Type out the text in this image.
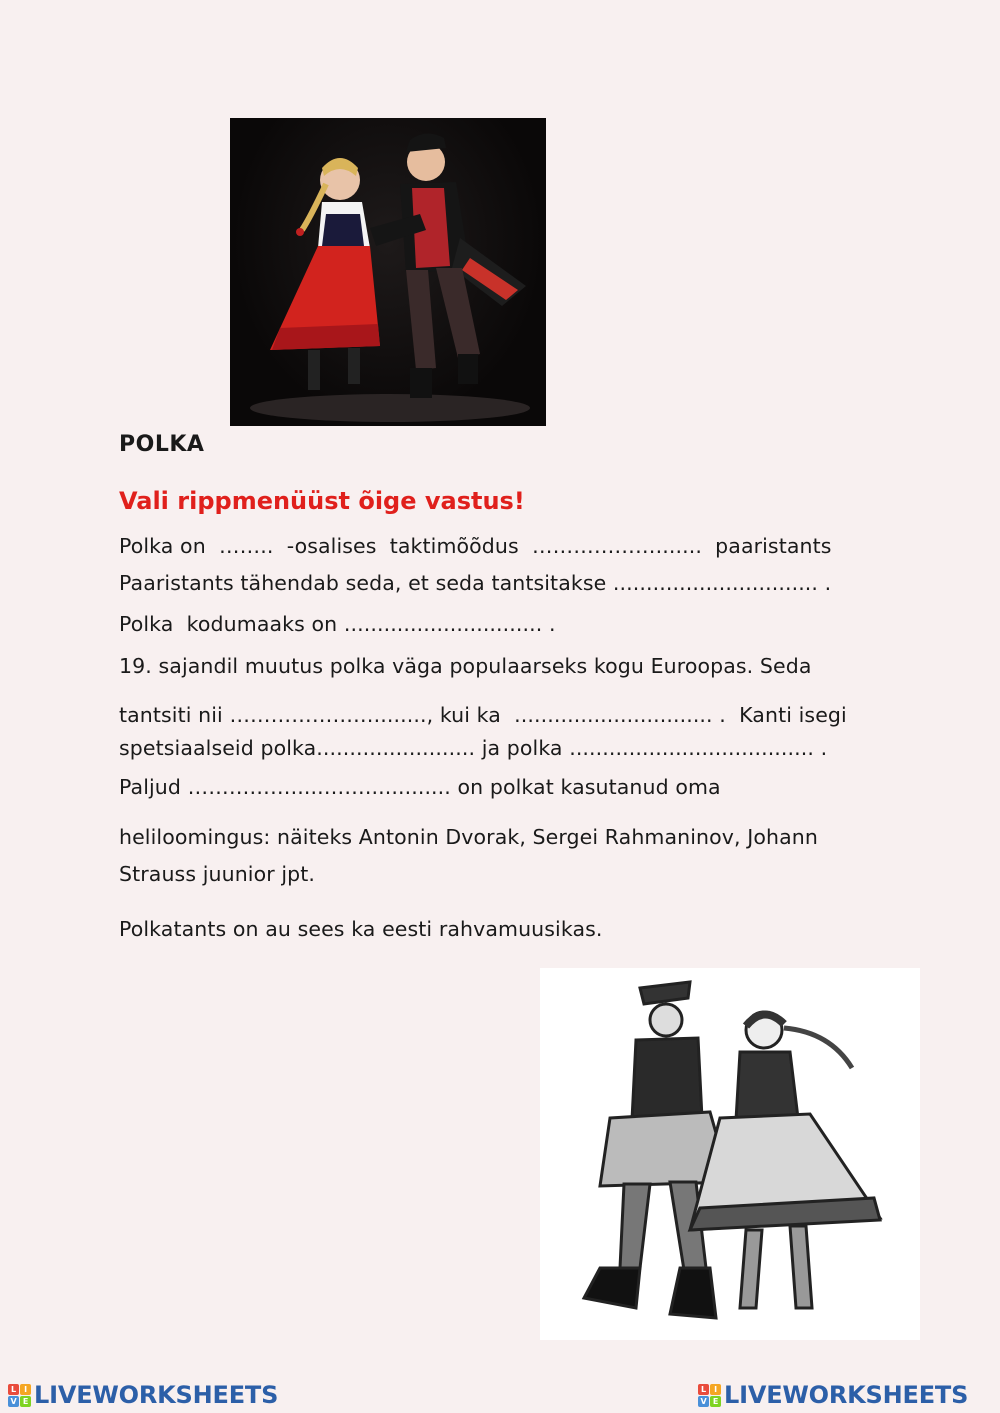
POLKA
Vali rippmenüüst õige vastus!
Polka on  ……..  -osalises  taktimõõdus  ……………….......  paaristants
Paaristants tähendab seda, et seda tantsitakse ............................... .
Polka  kodumaaks on .............................. .
19. sajandil muutus polka väga populaarseks kogu Euroopas. Seda
tantsiti nii …………………........, kui ka  .............................. .  Kanti isegi
spetsiaalseid polka........................ ja polka ..................................... .
Paljud …………….....……............. on polkat kasutanud oma
heliloomingus: näiteks Antonin Dvorak, Sergei Rahmaninov, Johann
Strauss juunior jpt.
Polkatants on au sees ka eesti rahvamuusikas.
L	I
V E LIVEWORKSHEETS	L	I
V E LIVEWORKSHEETS
